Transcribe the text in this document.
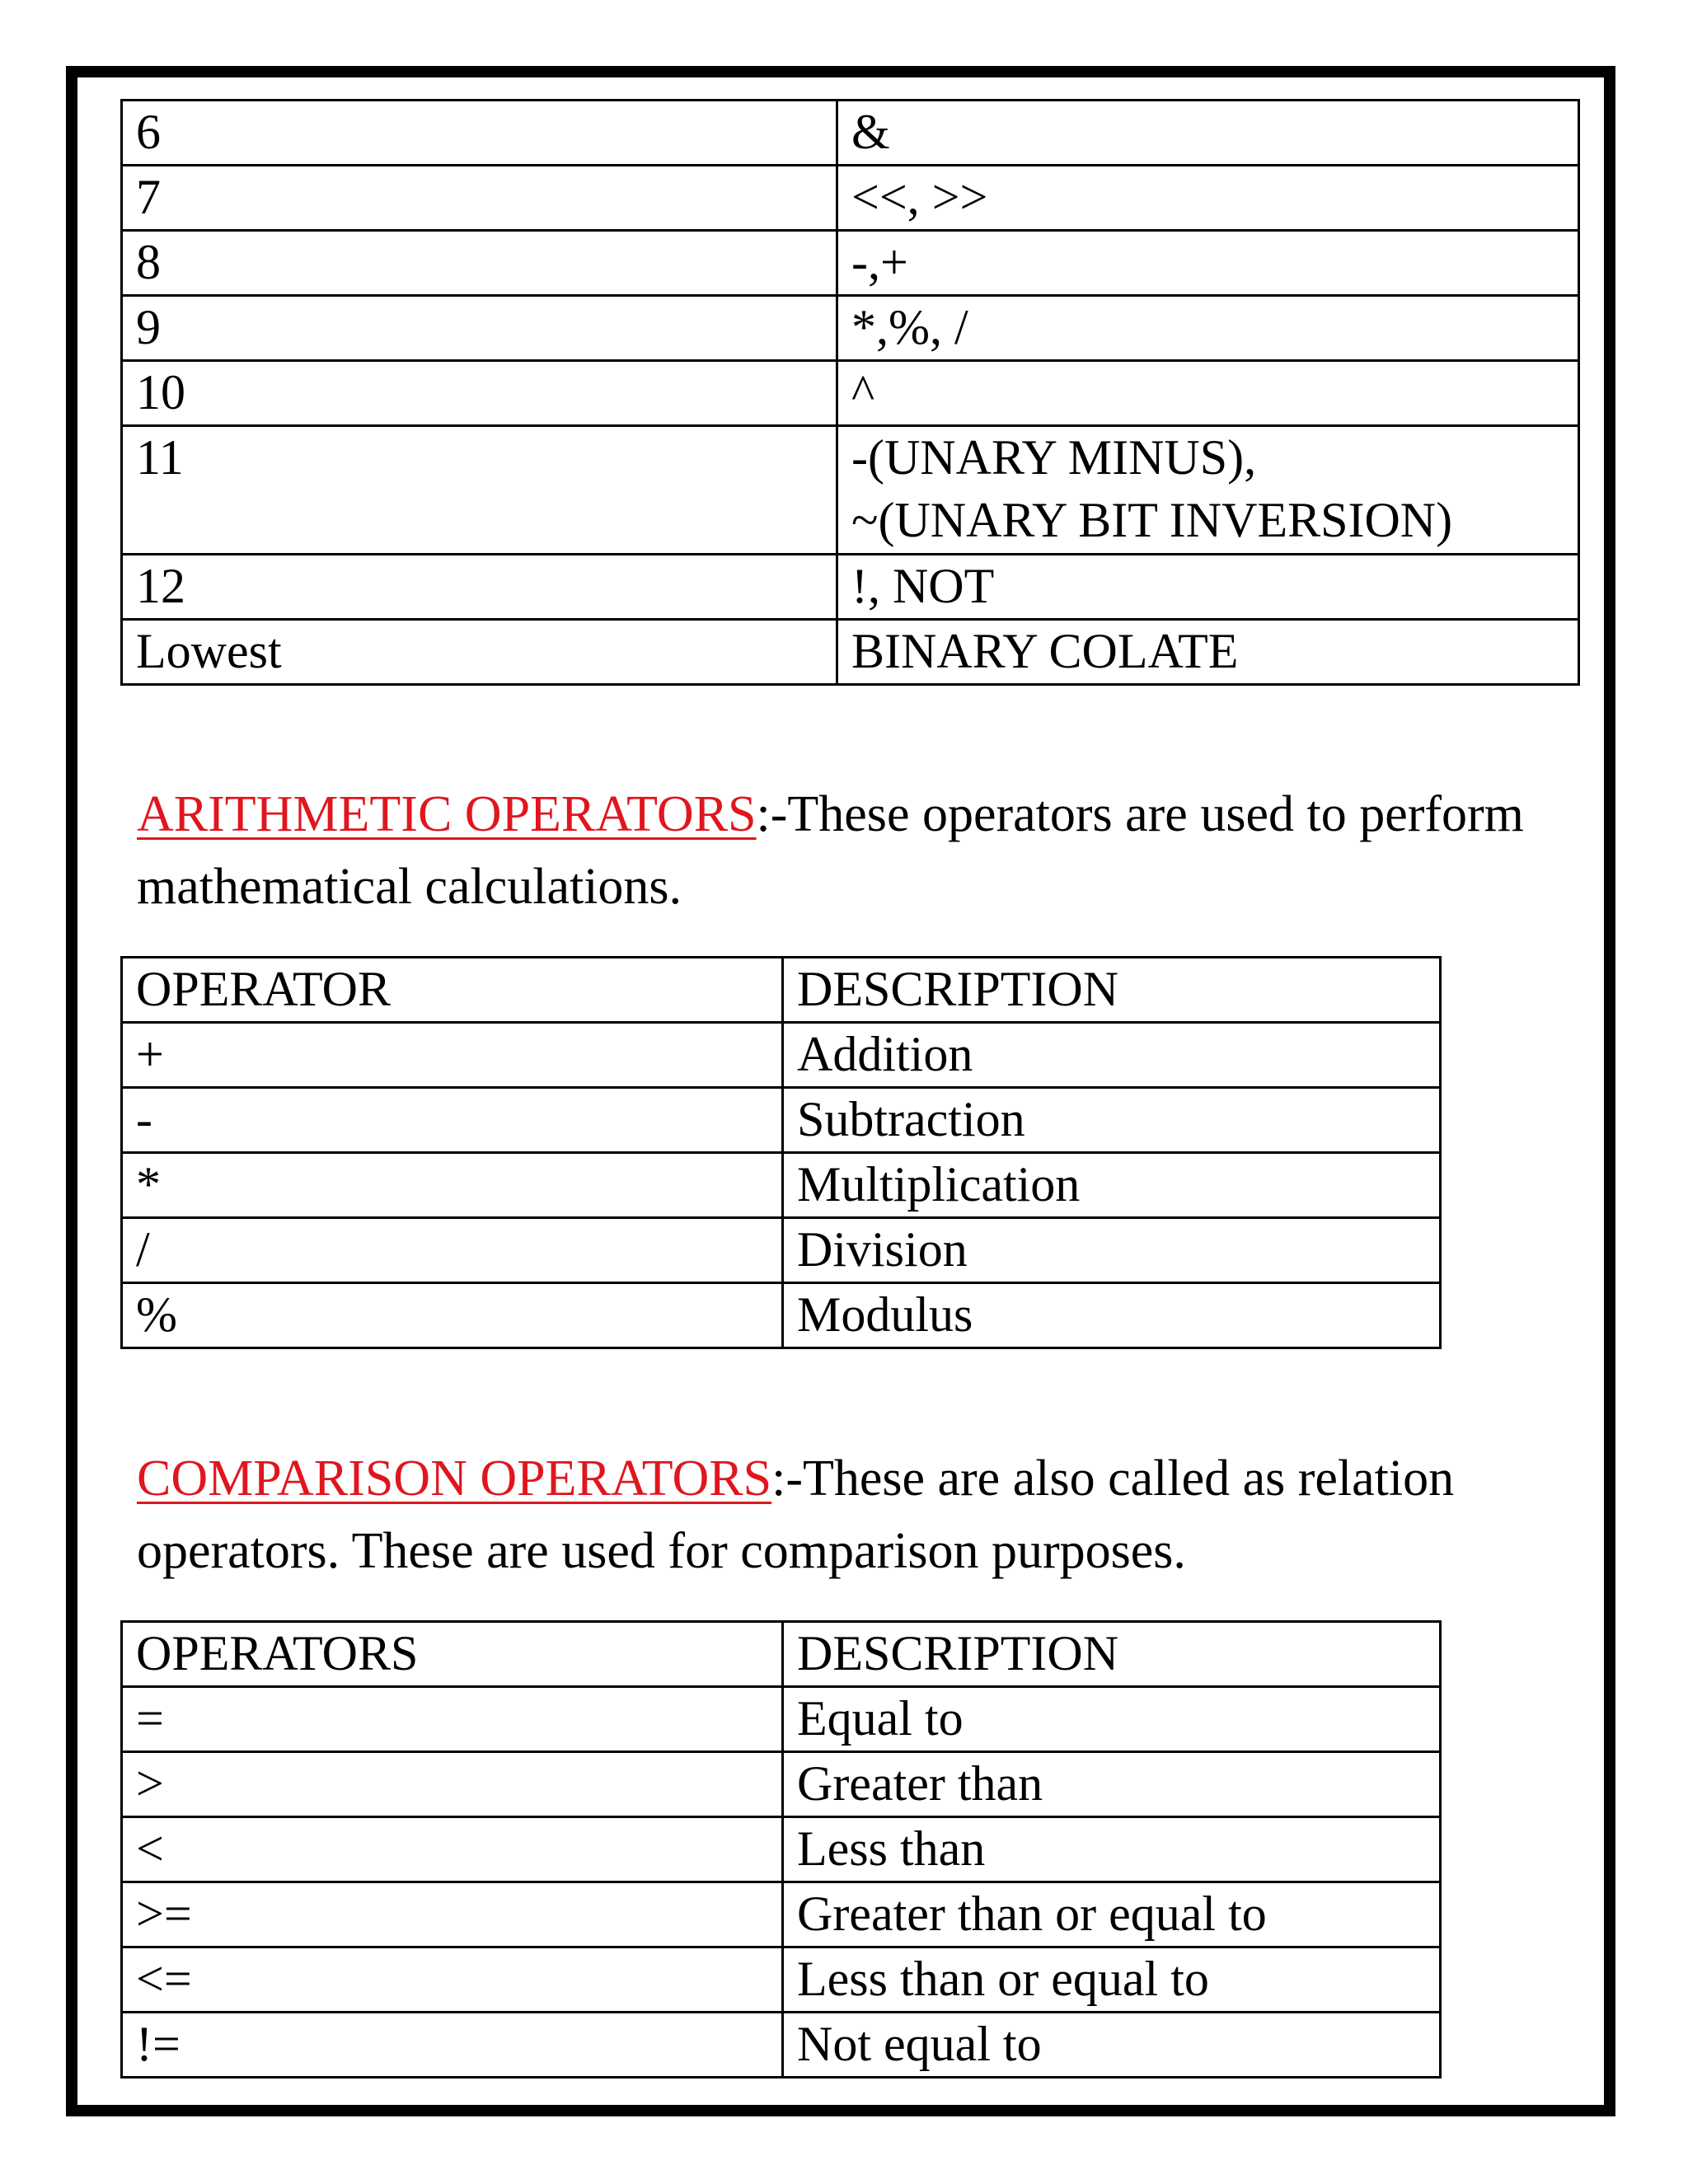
6	&
7	<<, >>
8	-,+
9	*,%, /
10	^
11	-(UNARY MINUS),
~(UNARY BIT INVERSION)

12	!, NOT
Lowest	BINARY COLATE

ARITHMETIC OPERATORS:-These operators are used to perform mathematical calculations.

OPERATOR	DESCRIPTION
+	Addition
-	Subtraction
*	Multiplication
/	Division
%	Modulus

COMPARISON OPERATORS:-These are also called as relation operators. These are used for comparison purposes.

OPERATORS	DESCRIPTION
=	Equal to
>	Greater than
<	Less than
>=	Greater than or equal to
<=	Less than or equal to
!=	Not equal to
